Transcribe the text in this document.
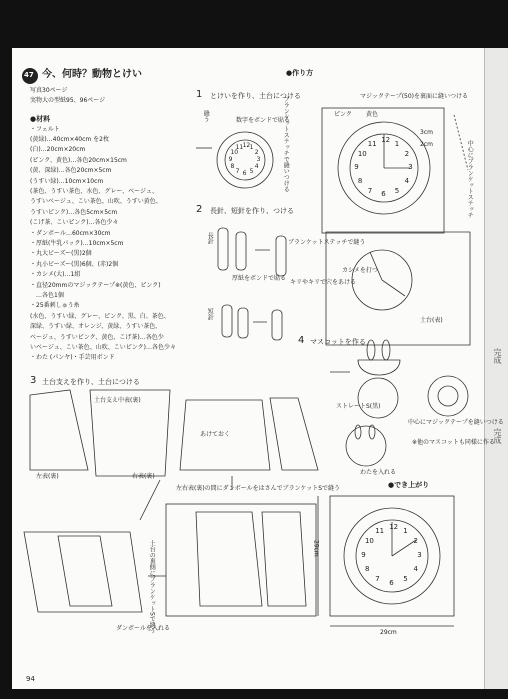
完成
完成
47 今、何時？動物とけい
写真30ページ
実物大の型紙95、96ページ
●材料
・フェルト
(黄緑)…40cm×40cm を2枚
(白)…20cm×20cm
(ピンク、黄色)…各色20cm×15cm
(黄、深緑)…各色20cm×5cm
(うすい緑)…10cm×10cm
(茶色、うすい茶色、水色、グレー、ベージュ、
うすいベージュ、こい茶色、山吹、うすい黄色、
うすいピンク)…各色5cm×5cm
(こげ茶、こいピンク)…各色少々
・ダンボール…60cm×30cm
・厚紙(牛乳パック)…10cm×5cm
・丸大ビーズー(黒)2個
・丸小ビーズー(黒)6個、(赤)2個
・カシメ(大)…1組
・直径20mmのマジックテープ※(黄色、ピンク)
　…各色1個
・25番刺しゅう糸
(水色、うすい緑、グレー、ピンク、黒、白、茶色、
深緑、うすい緑、オレンジ、黄緑、うすい茶色、
ベージュ、うすいピンク、黄色、こげ茶)…各色少
いベージュ、こい茶色、山吹、こいピンク)…各色少々
・わた (パンヤ)・手芸用ボンド
●作り方
1 とけいを作り、土台につける
2 長針、短針を作り、つける
3 土台支えを作り、土台につける
4 マスコットを作る
●でき上がり
12 1
2
3
4
5
6
7
8
9
10
11
12 1
2
3
4
5
6
7
8
9
10
11
12 1
2
3
4
5
6
7
8
9
10
11
数字をボンドで貼る
ブランケットステッチで縫いつける
縫う
マジックテープ(50)を裏面に縫いつける
ピンク 黄色
3cm
2cm	中心にブランケットステッチ
長針
短針
厚紙をボンドで貼る
ブランケットステッチで縫う
キリやキリで穴をあける
カシメを打つ
土台(表)
ストレートS(黒)
わたを入れる
中心にマジックテープを縫いつける
※他のマスコットも同様に作る
土台支え中表(裏)
左表(裏)	右表(裏)
あけておく
左右表(裏)の間にダンボールをはさんでブランケットSで縫う
ダンボールを入れる
29cm
29cm
土台の裏側にブランケットSで縫う
94
